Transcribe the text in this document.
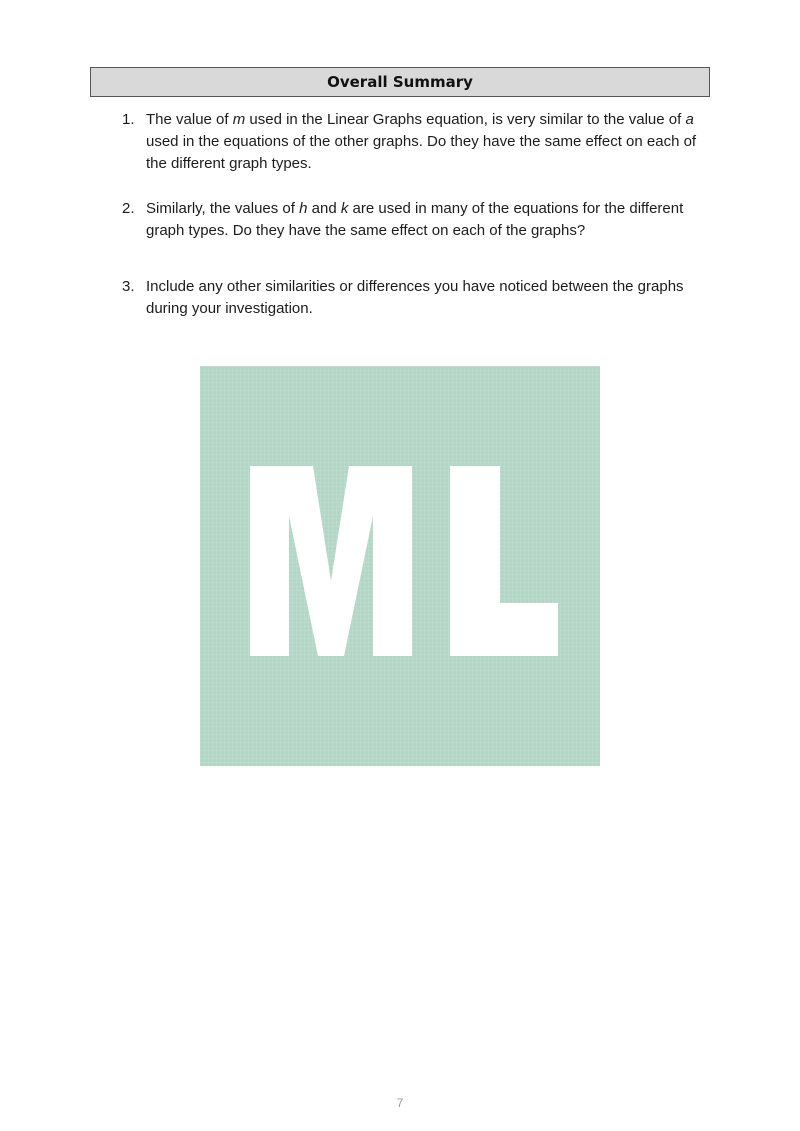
Overall Summary
1. The value of m used in the Linear Graphs equation, is very similar to the value of a used in the equations of the other graphs. Do they have the same effect on each of the different graph types.
2. Similarly, the values of h and k are used in many of the equations for the different graph types. Do they have the same effect on each of the graphs?
3. Include any other similarities or differences you have noticed between the graphs during your investigation.
7
